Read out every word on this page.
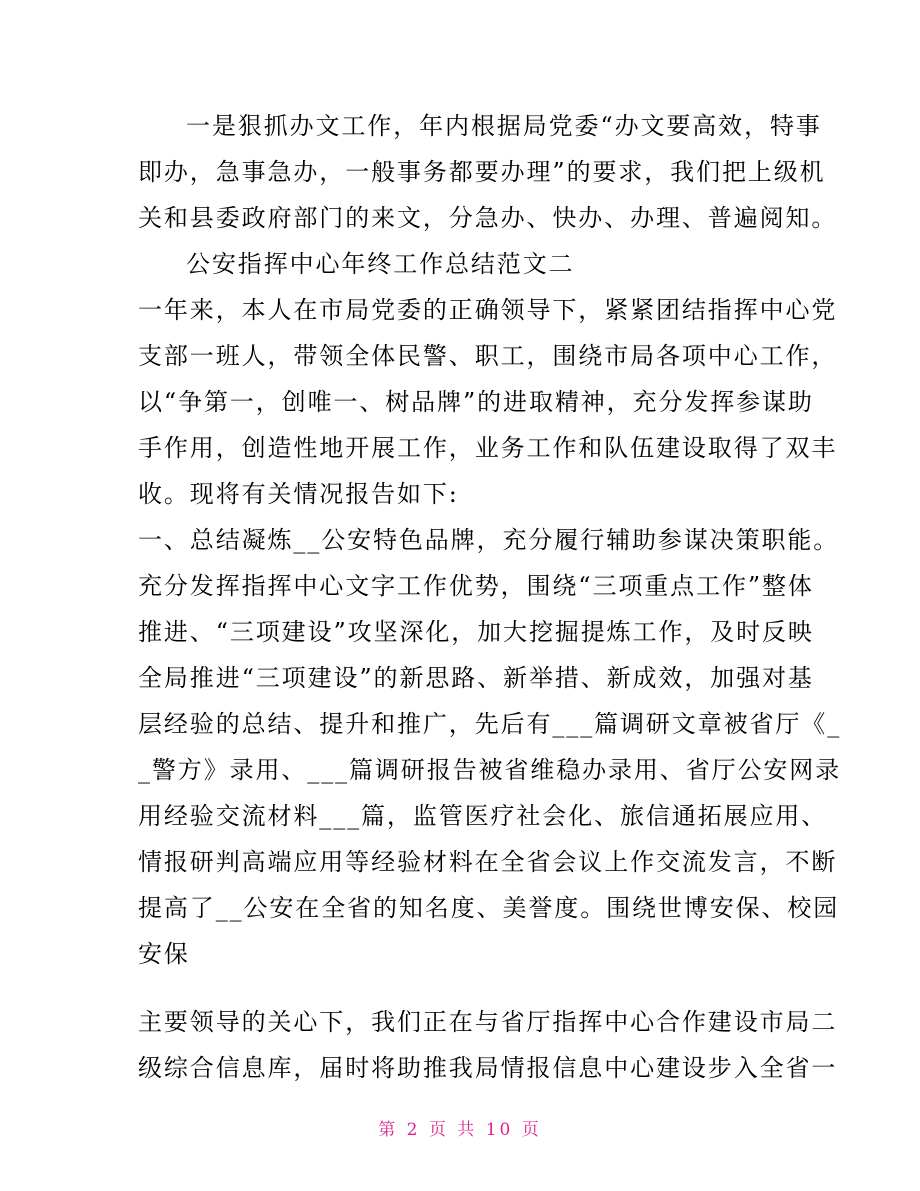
一是狠抓办文工作，年内根据局党委“办文要高效，特事
即办，急事急办，一般事务都要办理”的要求，我们把上级机
关和县委政府部门的来文，分急办、快办、办理、普遍阅知。
公安指挥中心年终工作总结范文二
一年来，本人在市局党委的正确领导下，紧紧团结指挥中心党
支部一班人，带领全体民警、职工，围绕市局各项中心工作，
以“争第一，创唯一、树品牌”的进取精神，充分发挥参谋助
手作用，创造性地开展工作，业务工作和队伍建设取得了双丰
收。现将有关情况报告如下:
一、总结凝炼__公安特色品牌，充分履行辅助参谋决策职能。
充分发挥指挥中心文字工作优势，围绕“三项重点工作”整体
推进、“三项建设”攻坚深化，加大挖掘提炼工作，及时反映
全局推进“三项建设”的新思路、新举措、新成效，加强对基
层经验的总结、提升和推广，先后有___篇调研文章被省厅《_
_警方》录用、___篇调研报告被省维稳办录用、省厅公安网录
用经验交流材料___篇，监管医疗社会化、旅信通拓展应用、
情报研判高端应用等经验材料在全省会议上作交流发言，不断
提高了__公安在全省的知名度、美誉度。围绕世博安保、校园
安保
主要领导的关心下，我们正在与省厅指挥中心合作建设市局二
级综合信息库，届时将助推我局情报信息中心建设步入全省一
第 2 页 共 10 页
